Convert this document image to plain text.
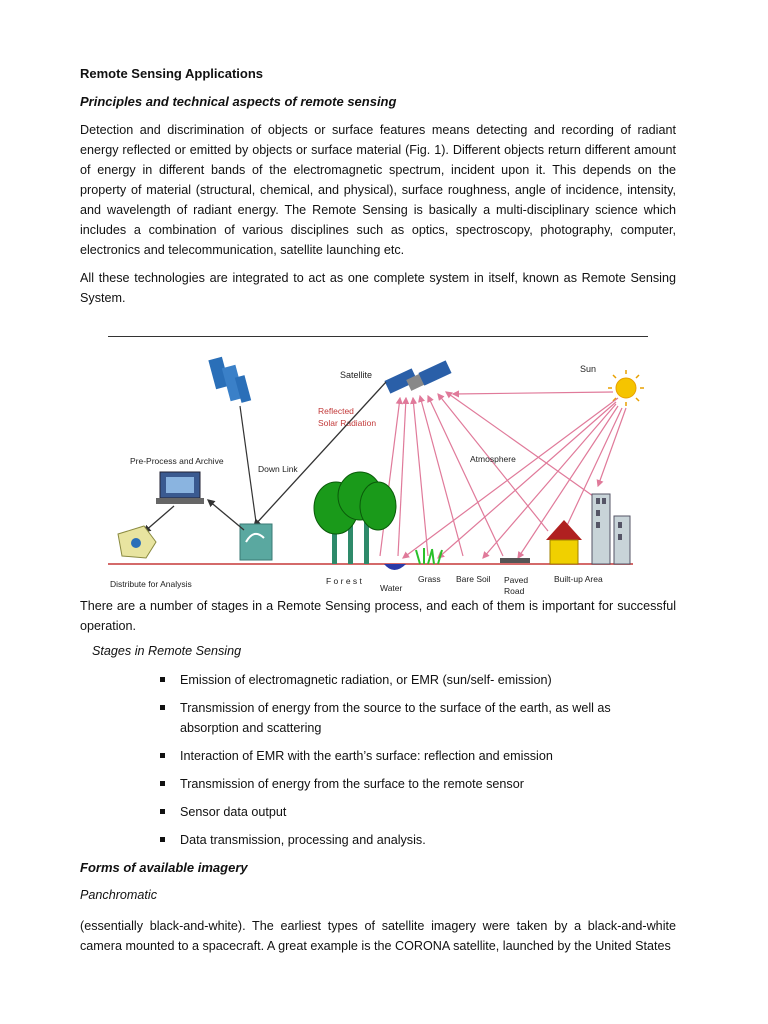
Remote Sensing Applications
Principles and technical aspects of remote sensing

Detection and discrimination of objects or surface features means detecting and recording of radiant energy reflected or emitted by objects or surface material (Fig. 1). Different objects return different amount of energy in different bands of the electromagnetic spectrum, incident upon it. This depends on the property of material (structural, chemical, and physical), surface roughness, angle of incidence, intensity, and wavelength of radiant energy. The Remote Sensing is basically a multi-disciplinary science which includes a combination of various disciplines such as optics, spectroscopy, photography, computer, electronics and telecommunication, satellite launching etc.

All these technologies are integrated to act as one complete system in itself, known as Remote Sensing System.

Sun
Satellite
Reflected
Solar Radiation
Atmosphere
Down Link
Pre-Process and Archive
Distribute for Analysis	F o r e s t
Water
Grass Bare Soil Paved
Road
Built-up Area

There are a number of stages in a Remote Sensing process, and each of them is important for successful operation.

Stages in Remote Sensing
Emission of electromagnetic radiation, or EMR (sun/self- emission)
Transmission of energy from the source to the surface of the earth, as well as absorption and scattering
Interaction of EMR with the earth’s surface: reflection and emission
Transmission of energy from the surface to the remote sensor
Sensor data output
Data transmission, processing and analysis.
Forms of available imagery
Panchromatic

(essentially black-and-white). The earliest types of satellite imagery were taken by a black-and-white camera mounted to a spacecraft. A great example is the CORONA satellite, launched by the United States
